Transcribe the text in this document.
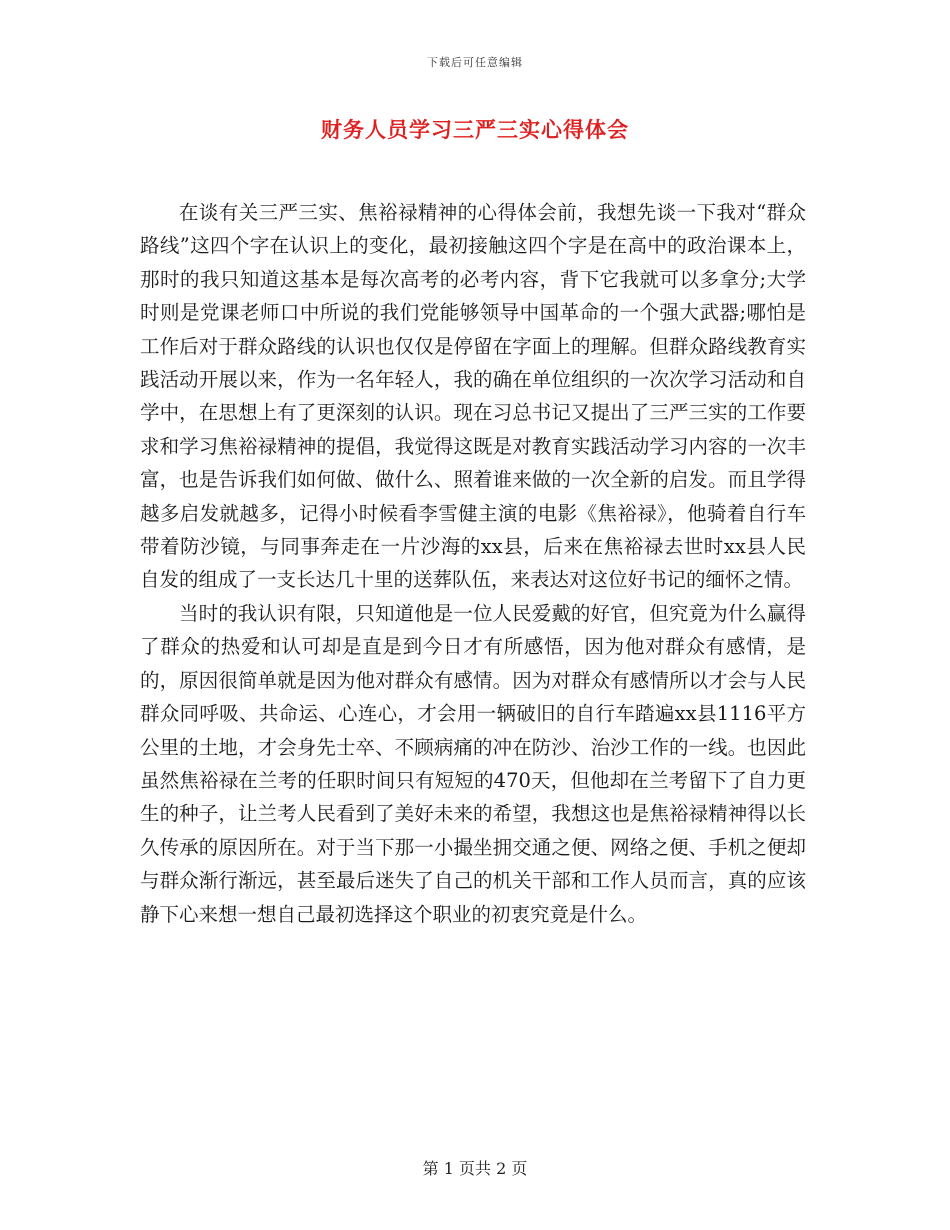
下载后可任意编辑
财务人员学习三严三实心得体会

在谈有关三严三实、焦裕禄精神的心得体会前，我想先谈一下我对“群众路线”这四个字在认识上的变化，最初接触这四个字是在高中的政治课本上，那时的我只知道这基本是每次高考的必考内容，背下它我就可以多拿分;大学时则是党课老师口中所说的我们党能够领导中国革命的一个强大武器;哪怕是工作后对于群众路线的认识也仅仅是停留在字面上的理解。但群众路线教育实践活动开展以来，作为一名年轻人，我的确在单位组织的一次次学习活动和自学中，在思想上有了更深刻的认识。现在习总书记又提出了三严三实的工作要求和学习焦裕禄精神的提倡，我觉得这既是对教育实践活动学习内容的一次丰富，也是告诉我们如何做、做什么、照着谁来做的一次全新的启发。而且学得越多启发就越多，记得小时候看李雪健主演的电影《焦裕禄》，他骑着自行车带着防沙镜，与同事奔走在一片沙海的xx县，后来在焦裕禄去世时xx县人民自发的组成了一支长达几十里的送葬队伍，来表达对这位好书记的缅怀之情。

当时的我认识有限，只知道他是一位人民爱戴的好官，但究竟为什么赢得了群众的热爱和认可却是直是到今日才有所感悟，因为他对群众有感情，是的，原因很简单就是因为他对群众有感情。因为对群众有感情所以才会与人民群众同呼吸、共命运、心连心，才会用一辆破旧的自行车踏遍xx县1116平方公里的土地，才会身先士卒、不顾病痛的冲在防沙、治沙工作的一线。也因此虽然焦裕禄在兰考的任职时间只有短短的470天，但他却在兰考留下了自力更生的种子，让兰考人民看到了美好未来的希望，我想这也是焦裕禄精神得以长久传承的原因所在。对于当下那一小撮坐拥交通之便、网络之便、手机之便却与群众渐行渐远，甚至最后迷失了自己的机关干部和工作人员而言，真的应该静下心来想一想自己最初选择这个职业的初衷究竟是什么。

第 1 页共 2 页
